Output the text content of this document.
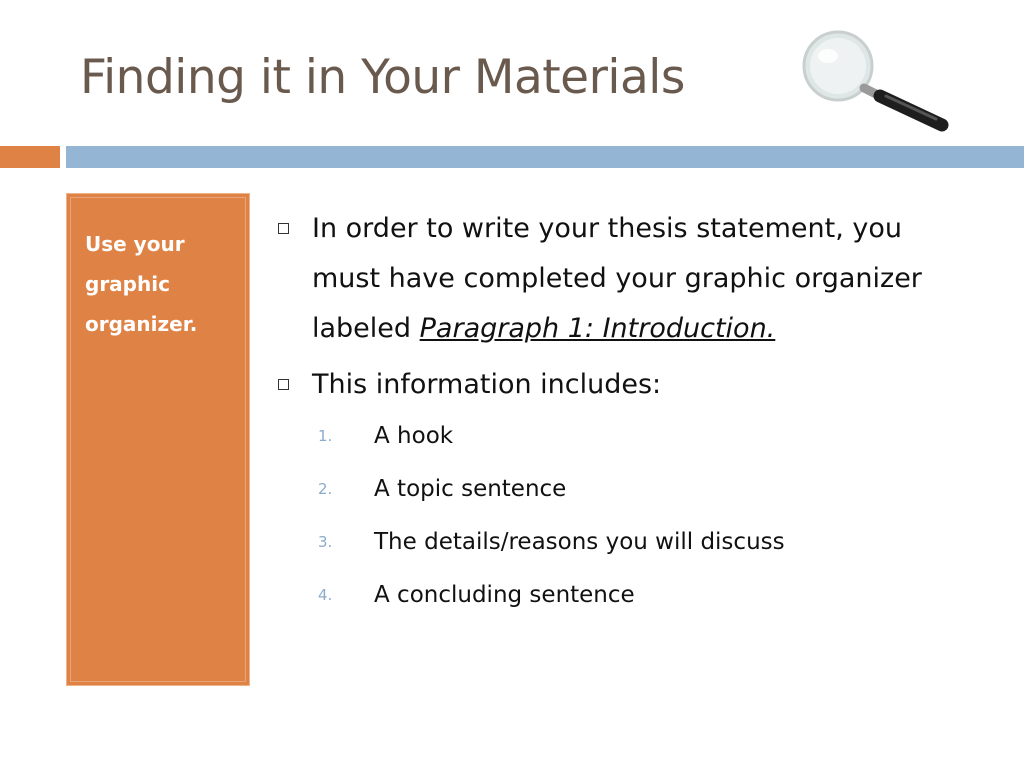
Finding it in Your Materials
Use your graphic organizer.
In order to write your thesis statement, you must have completed your graphic organizer labeled Paragraph 1: Introduction.
This information includes:
1. A hook
2. A topic sentence
3. The details/reasons you will discuss
4. A concluding sentence
